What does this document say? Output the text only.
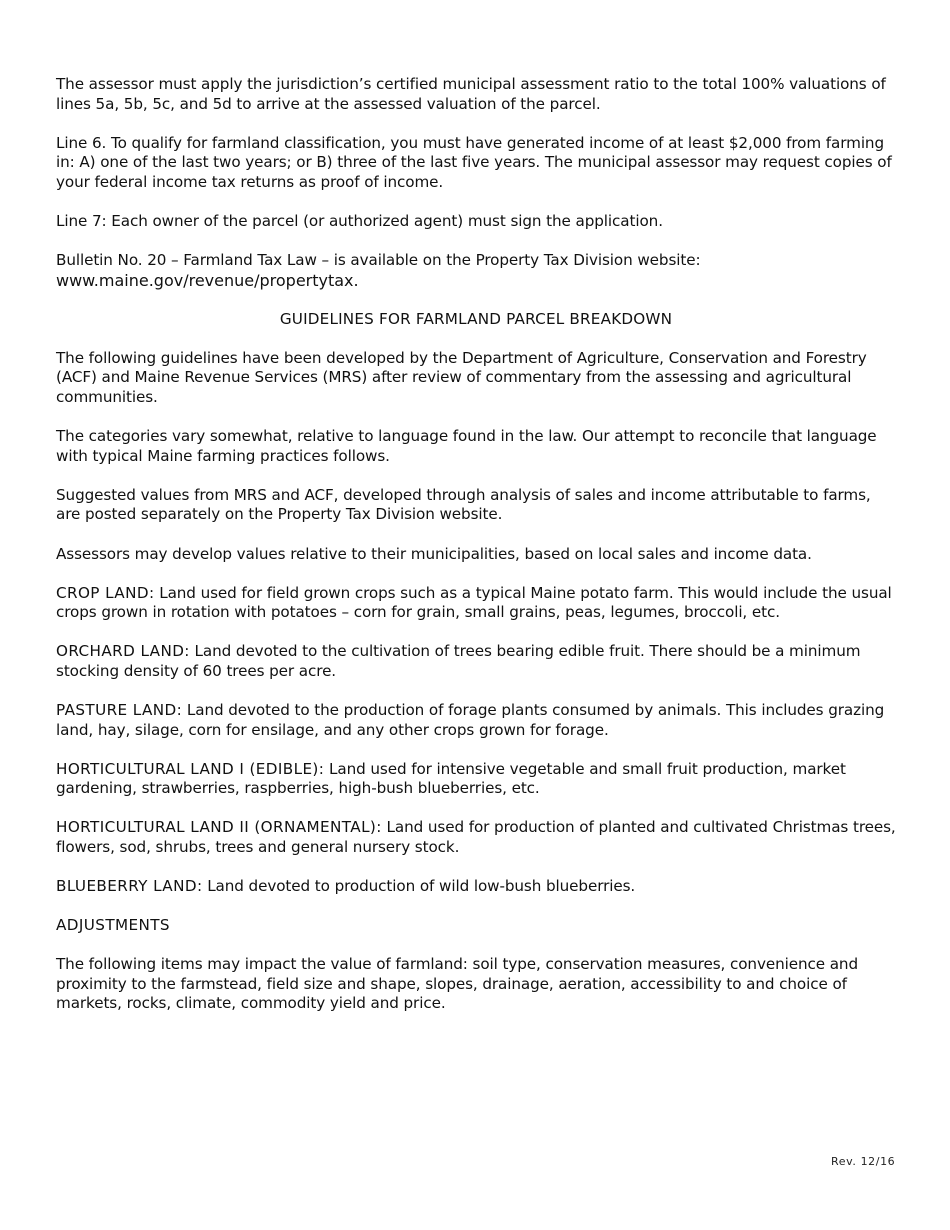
The assessor must apply the jurisdiction’s certified municipal assessment ratio to the total 100% valuations of lines 5a, 5b, 5c, and 5d to arrive at the assessed valuation of the parcel.

Line 6. To qualify for farmland classification, you must have generated income of at least $2,000 from farming in: A) one of the last two years; or B) three of the last five years. The municipal assessor may request copies of your federal income tax returns as proof of income.

Line 7: Each owner of the parcel (or authorized agent) must sign the application.

Bulletin No. 20 – Farmland Tax Law – is available on the Property Tax Division website:

www.maine.gov/revenue/propertytax.

GUIDELINES FOR FARMLAND PARCEL BREAKDOWN

The following guidelines have been developed by the Department of Agriculture, Conservation and Forestry (ACF) and Maine Revenue Services (MRS) after review of commentary from the assessing and agricultural communities.

The categories vary somewhat, relative to language found in the law. Our attempt to reconcile that language with typical Maine farming practices follows.

Suggested values from MRS and ACF, developed through analysis of sales and income attributable to farms, are posted separately on the Property Tax Division website.

Assessors may develop values relative to their municipalities, based on local sales and income data.

CROP LAND: Land used for field grown crops such as a typical Maine potato farm. This would include the usual crops grown in rotation with potatoes – corn for grain, small grains, peas, legumes, broccoli, etc.

ORCHARD LAND: Land devoted to the cultivation of trees bearing edible fruit. There should be a minimum stocking density of 60 trees per acre.

PASTURE LAND: Land devoted to the production of forage plants consumed by animals. This includes grazing land, hay, silage, corn for ensilage, and any other crops grown for forage.

HORTICULTURAL LAND I (EDIBLE): Land used for intensive vegetable and small fruit production, market gardening, strawberries, raspberries, high-bush blueberries, etc.

HORTICULTURAL LAND II (ORNAMENTAL): Land used for production of planted and cultivated Christmas trees, flowers, sod, shrubs, trees and general nursery stock.

BLUEBERRY LAND: Land devoted to production of wild low-bush blueberries.

ADJUSTMENTS

The following items may impact the value of farmland: soil type, conservation measures, convenience and proximity to the farmstead, field size and shape, slopes, drainage, aeration, accessibility to and choice of markets, rocks, climate, commodity yield and price.

Rev. 12/16
